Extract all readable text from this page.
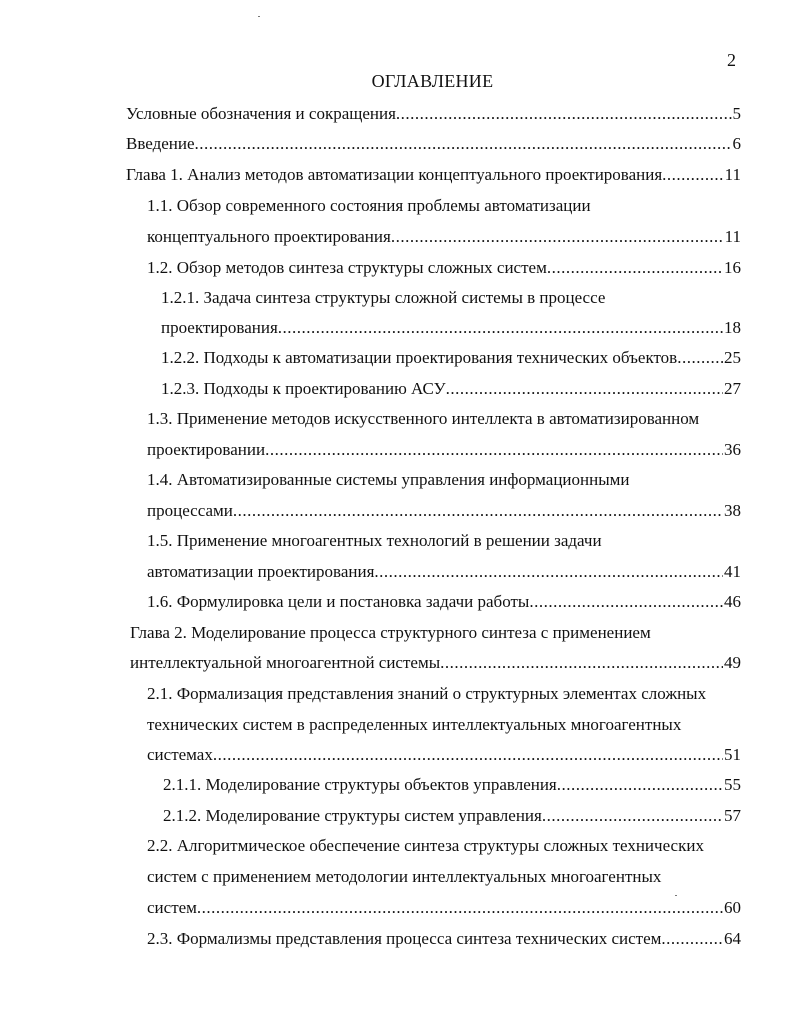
2
ОГЛАВЛЕНИЕ
Условные обозначения и сокращения .....	5
Введение .....	6
Глава 1. Анализ методов автоматизации концептуального проектирования .....	11
1.1. Обзор современного состояния проблемы автоматизации
концептуального проектирования .....	11
1.2. Обзор методов синтеза структуры сложных систем .....	16
1.2.1. Задача синтеза структуры сложной системы в процессе
проектирования .....	18
1.2.2. Подходы к автоматизации проектирования технических объектов .....	25
1.2.3. Подходы к проектированию АСУ .....	27
1.3. Применение методов искусственного интеллекта в автоматизированном
проектировании .....	36
1.4. Автоматизированные системы управления информационными
процессами .....	38
1.5. Применение многоагентных технологий в решении задачи
автоматизации проектирования .....	41
1.6. Формулировка цели и постановка задачи работы .....	46
Глава 2. Моделирование процесса структурного синтеза с применением
интеллектуальной многоагентной системы .....	49
2.1. Формализация представления знаний о структурных элементах сложных
технических систем в распределенных интеллектуальных многоагентных
системах .....	51
2.1.1. Моделирование структуры объектов управления .....	55
2.1.2. Моделирование структуры систем управления .....	57
2.2. Алгоритмическое обеспечение синтеза структуры сложных технических
систем с применением методологии интеллектуальных многоагентных
систем .....	60
2.3. Формализмы представления процесса синтеза технических систем .....	64
